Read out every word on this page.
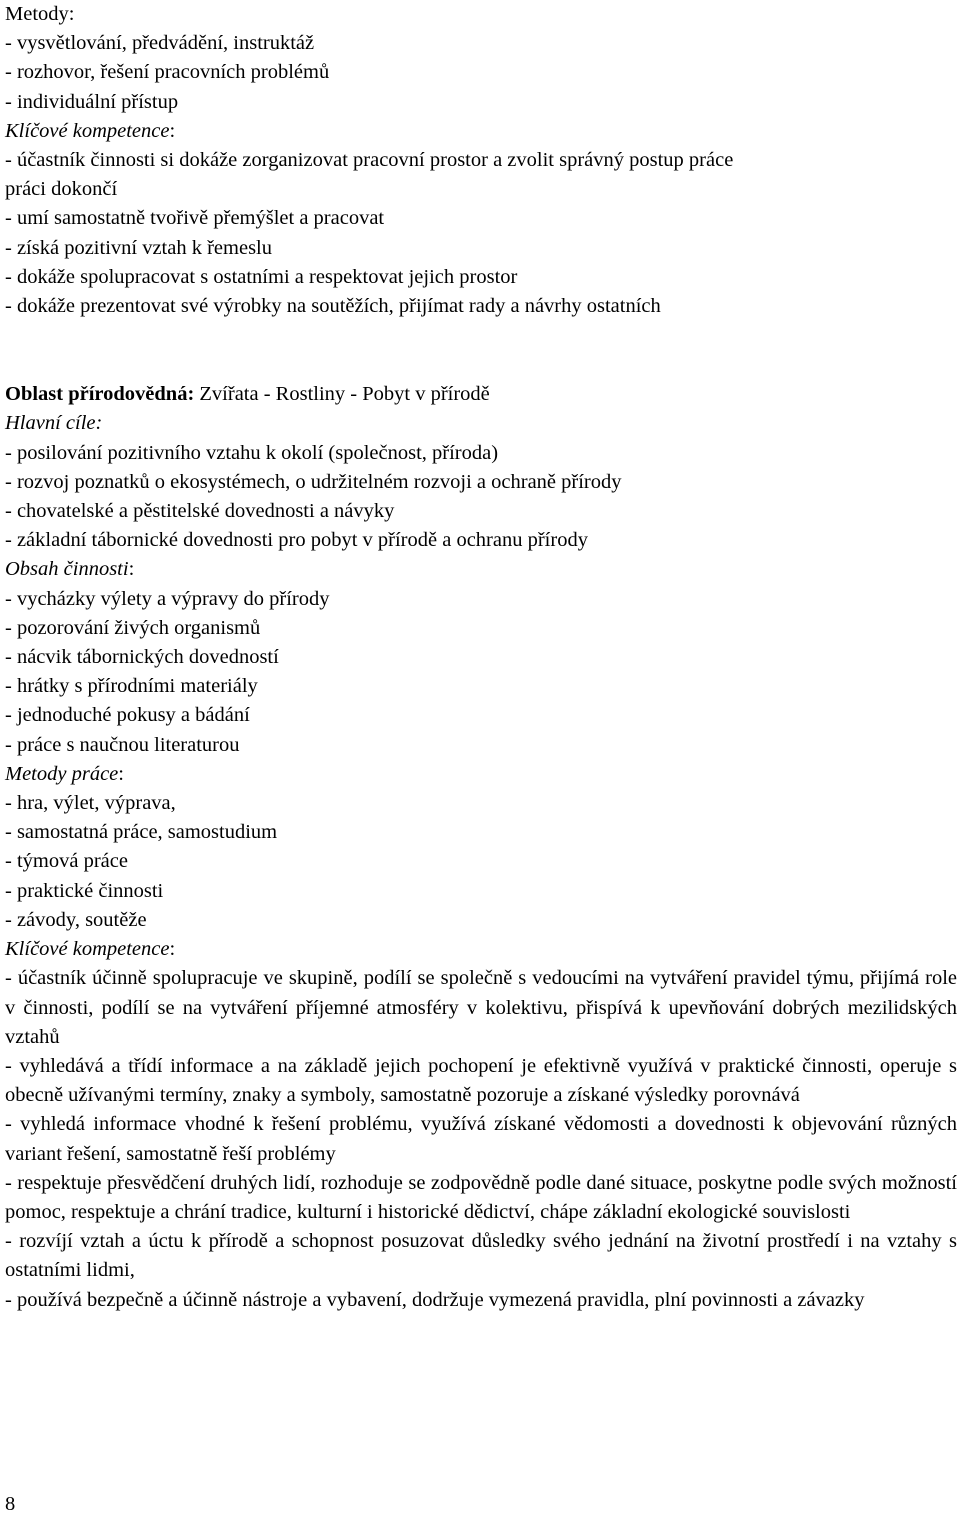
Metody:
- vysvětlování, předvádění, instruktáž
- rozhovor, řešení pracovních problémů
- individuální přístup
Klíčové kompetence:
- účastník činnosti si dokáže zorganizovat pracovní prostor a zvolit správný postup práce
práci dokončí
- umí samostatně tvořivě přemýšlet a pracovat
- získá pozitivní vztah k řemeslu
- dokáže spolupracovat s ostatními a respektovat jejich prostor
- dokáže prezentovat své výrobky na soutěžích, přijímat rady a návrhy ostatních
Oblast přírodovědná: Zvířata - Rostliny - Pobyt v přírodě
Hlavní cíle:
- posilování pozitivního vztahu k okolí (společnost, příroda)
- rozvoj poznatků o ekosystémech, o udržitelném rozvoji a ochraně přírody
- chovatelské a pěstitelské dovednosti a návyky
- základní tábornické dovednosti pro pobyt v přírodě a ochranu přírody
Obsah činnosti:
- vycházky výlety a výpravy do přírody
- pozorování živých organismů
- nácvik tábornických dovedností
- hrátky s přírodními materiály
- jednoduché pokusy a bádání
- práce s naučnou literaturou
Metody práce:
- hra, výlet, výprava,
- samostatná práce, samostudium
- týmová práce
- praktické činnosti
- závody, soutěže
Klíčové kompetence:

- účastník účinně spolupracuje ve skupině, podílí se společně s vedoucími na vytváření pravidel týmu, přijímá role v činnosti, podílí se na vytváření příjemné atmosféry v kolektivu, přispívá k upevňování dobrých mezilidských vztahů

- vyhledává a třídí informace a na základě jejich pochopení je efektivně využívá v praktické činnosti, operuje s obecně užívanými termíny, znaky a symboly, samostatně pozoruje a získané výsledky porovnává

- vyhledá informace vhodné k řešení problému, využívá získané vědomosti a dovednosti k objevování různých variant řešení, samostatně řeší problémy

- respektuje přesvědčení druhých lidí, rozhoduje se zodpovědně podle dané situace, poskytne podle svých možností pomoc, respektuje a chrání tradice, kulturní i historické dědictví, chápe základní ekologické souvislosti

- rozvíjí vztah a úctu k přírodě a schopnost posuzovat důsledky svého jednání na životní prostředí i na vztahy s ostatními lidmi,

- používá bezpečně a účinně nástroje a vybavení, dodržuje vymezená pravidla, plní povinnosti a závazky

8
